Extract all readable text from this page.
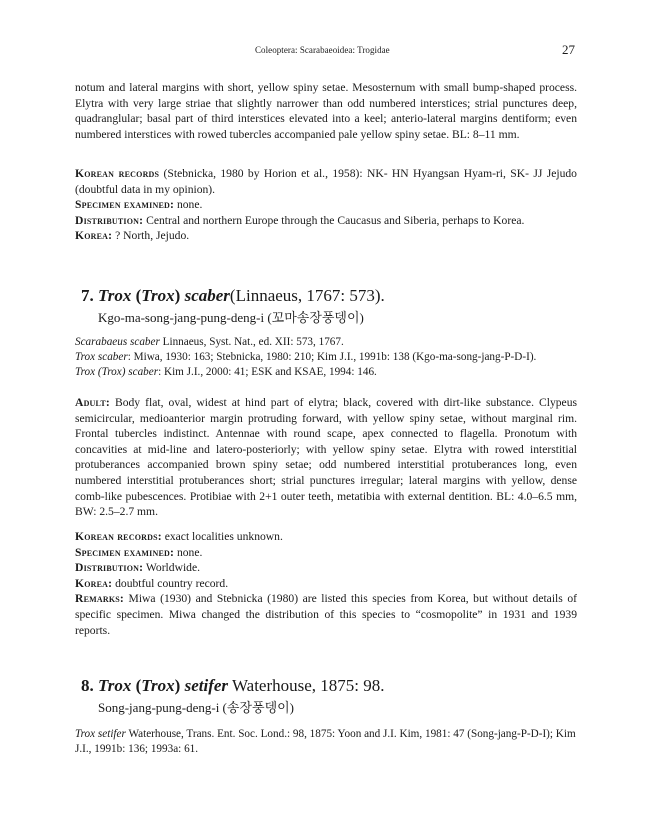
Coleoptera: Scarabaeoidea: Trogidae	27

notum and lateral margins with short, yellow spiny setae. Mesosternum with small bump-shaped process. Elytra with very large striae that slightly narrower than odd numbered interstices; strial punctures deep, quadranglular; basal part of third interstices elevated into a keel; anterio-lateral margins dentiform; even numbered interstices with rowed tubercles accompanied pale yellow spiny setae. BL: 8–11 mm.

Korean records (Stebnicka, 1980 by Horion et al., 1958): NK- HN Hyangsan Hyam-ri, SK- JJ Jejudo (doubtful data in my opinion).

Specimen examined: none.

Distribution: Central and northern Europe through the Caucasus and Siberia, perhaps to Korea.

Korea: ? North, Jejudo.

7. Trox (Trox) scaber(Linnaeus, 1767: 573).
Kgo-ma-song-jang-pung-deng-i (꼬마송장풍뎅이)

Scarabaeus scaber Linnaeus, Syst. Nat., ed. XII: 573, 1767.

Trox scaber: Miwa, 1930: 163; Stebnicka, 1980: 210; Kim J.I., 1991b: 138 (Kgo-ma-song-jang-P-D-I).

Trox (Trox) scaber: Kim J.I., 2000: 41; ESK and KSAE, 1994: 146.

Adult: Body flat, oval, widest at hind part of elytra; black, covered with dirt-like substance. Clypeus semicircular, medioanterior margin protruding forward, with yellow spiny setae, without marginal rim. Frontal tubercles indistinct. Antennae with round scape, apex connected to flagella. Pronotum with concavities at mid-line and latero-posteriorly; with yellow spiny setae. Elytra with rowed interstitial protuberances accompanied brown spiny setae; odd numbered interstitial protuberances long, even numbered interstitial protuberances short; strial punctures irregular; lateral margins with yellow, dense comb-like pubescences. Protibiae with 2+1 outer teeth, metatibia with external dentition. BL: 4.0–6.5 mm, BW: 2.5–2.7 mm.

Korean records: exact localities unknown.

Specimen examined: none.

Distribution: Worldwide.

Korea: doubtful country record.

Remarks: Miwa (1930) and Stebnicka (1980) are listed this species from Korea, but without details of specific specimen. Miwa changed the distribution of this species to “cosmopolite” in 1931 and 1939 reports.

8. Trox (Trox) setifer Waterhouse, 1875: 98.
Song-jang-pung-deng-i (송장풍뎅이)

Trox setifer Waterhouse, Trans. Ent. Soc. Lond.: 98, 1875: Yoon and J.I. Kim, 1981: 47 (Song-jang-P-D-I); Kim J.I., 1991b: 136; 1993a: 61.
